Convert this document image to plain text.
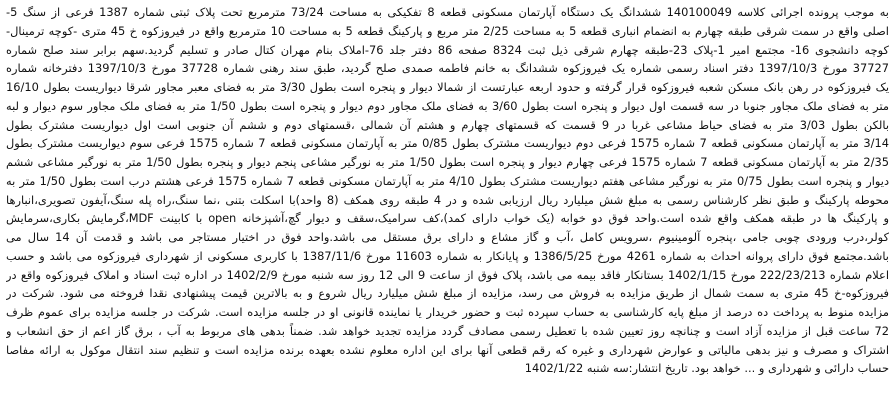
به موجب پرونده اجرائی کلاسه 140100049 ششدانگ یک دستگاه آپارتمان مسکونی قطعه 8 تفکیکی به مساحت 73/24 مترمربع تحت پلاک ثبتی شماره 1387 فرعی از سنگ 5-
اصلی واقع در سمت شرقی طبقه چهارم به انضمام انباری قطعه 5 به مساحت 2/25 متر مربع و پارکینگ قطعه 5 به مساحت 10 مترمربع واقع در فیروزکوه خ 45 متری -کوچه ترمینال-
کوچه دانشجوی 16- مجتمع امیر 1-پلاک 23-طبقه چهارم شرقی ذیل ثبت 8324 صفحه 86 دفتر جلد 76-املاک بنام مهران کتال صادر و تسلیم گردید.سهم برابر سند صلح شماره
37727 مورخ 1397/10/3 دفتر اسناد رسمی شماره یک فیروزکوه ششدانگ به خانم فاطمه صمدی صلح گردید، طبق سند رهنی شماره 37728 مورخ 1397/10/3 دفترخانه شماره
یک فیروزکوه در رهن بانک مسکن شعبه فیروزکوه قرار گرفته و حدود اربعه عبارتست از شمالا دیوار و پنجره است بطول 3/30 متر به فضای معبر مجاور شرقا دیواریست بطول 16/10
متر به فضای ملک مجاور جنوبا در سه قسمت اول دیوار و پنجره است بطول 3/60 به فضای ملک مجاور دوم دیوار و پنجره است بطول 1/50 متر به فضای ملک مجاور سوم دیوار و لبه
بالکن بطول 3/03 متر به فضای حیاط مشاعی غربا در 9 قسمت که قسمتهای چهارم و هشتم آن شمالی ،قسمتهای دوم و ششم آن جنوبی است اول دیواریست مشترک بطول
3/14 متر به آپارتمان مسکونی قطعه 7 شماره 1575 فرعی دوم دیواریست مشترک بطول 0/85 متر به آپارتمان مسکونی قطعه 7 شماره 1575 فرعی سوم دیواریست مشترک بطول
2/35 متر به آپارتمان مسکونی قطعه 7 شماره 1575 فرعی چهارم دیوار و پنجره است بطول 1/50 متر به نورگیر مشاعی پنجم دیوار و پنجره بطول 1/50 متر به نورگیر مشاعی ششم
دیوار و پنجره است بطول 0/75 متر به نورگیر مشاعی هفتم دیواریست مشترک بطول 4/10 متر به آپارتمان مسکونی قطعه 7 شماره 1575 فرعی هشتم درب است بطول 1/50 متر به
محوطه پارکینگ و طبق نظر کارشناس رسمی به مبلغ شش میلیارد ریال ارزیابی شده و در 4 طبقه روی همکف (8 واحد)با اسکلت بتنی ،نما سنگ،راه پله سنگ،آیفون تصویری،انبارها
و پارکینگ ها در طبقه همکف واقع شده است.واحد فوق دو خوابه (یک خواب دارای کمد)،کف سرامیک،سقف و دیوار گچ،آشپزخانه open با کابینت MDF،گرمایش بکاری،سرمایش
کولر،درب ورودی چوبی جامی ،پنجره آلومینیوم ،سرویس کامل ،آب و گاز مشاع و دارای برق مستقل می باشد.واحد فوق در اختیار مستاجر می باشد و قدمت آن 14 سال می
باشد.مجتمع فوق دارای پروانه احداث به شماره 4261 مورخ 1386/5/25 و پایانکار به شماره 11603 مورخ 1387/11/6 با کاربری مسکونی از شهرداری فیروزکوه می باشد و حسب
اعلام شماره 222/23/213 مورخ 1402/1/15 بستانکار فاقد بیمه می باشد، پلاک فوق از ساعت 9 الی 12 روز سه شنبه مورخ 1402/2/9 در اداره ثبت اسناد و املاک فیروزکوه واقع در
فیروزکوه-خ 45 متری به سمت شمال از طریق مزایده به فروش می رسد، مزایده از مبلغ شش میلیارد ریال شروع و به بالاترین قیمت پیشنهادی نقدا فروخته می شود. شرکت در
مزایده منوط به پرداخت ده درصد از مبلغ پایه کارشناسی به حساب سپرده ثبت و حضور خریدار یا نماینده قانونی او در جلسه مزایده است. شرکت در جلسه مزایده برای عموم ظرف
72 ساعت قبل از مزایده آزاد است و چنانچه روز تعیین شده با تعطیل رسمی مصادف گردد مزایده تجدید خواهد شد. ضمناً بدهی های مربوط به آب ، برق گاز اعم از حق انشعاب و
اشتراک و مصرف و نیز بدهی مالیاتی و عوارض شهرداری و غیره که رقم قطعی آنها برای این اداره معلوم نشده بعهده برنده مزایده است و تنظیم سند انتقال موکول به ارائه مفاصا
حساب دارائی و شهرداری و ... خواهد بود. تاریخ انتشار:سه شنبه 1402/1/22
